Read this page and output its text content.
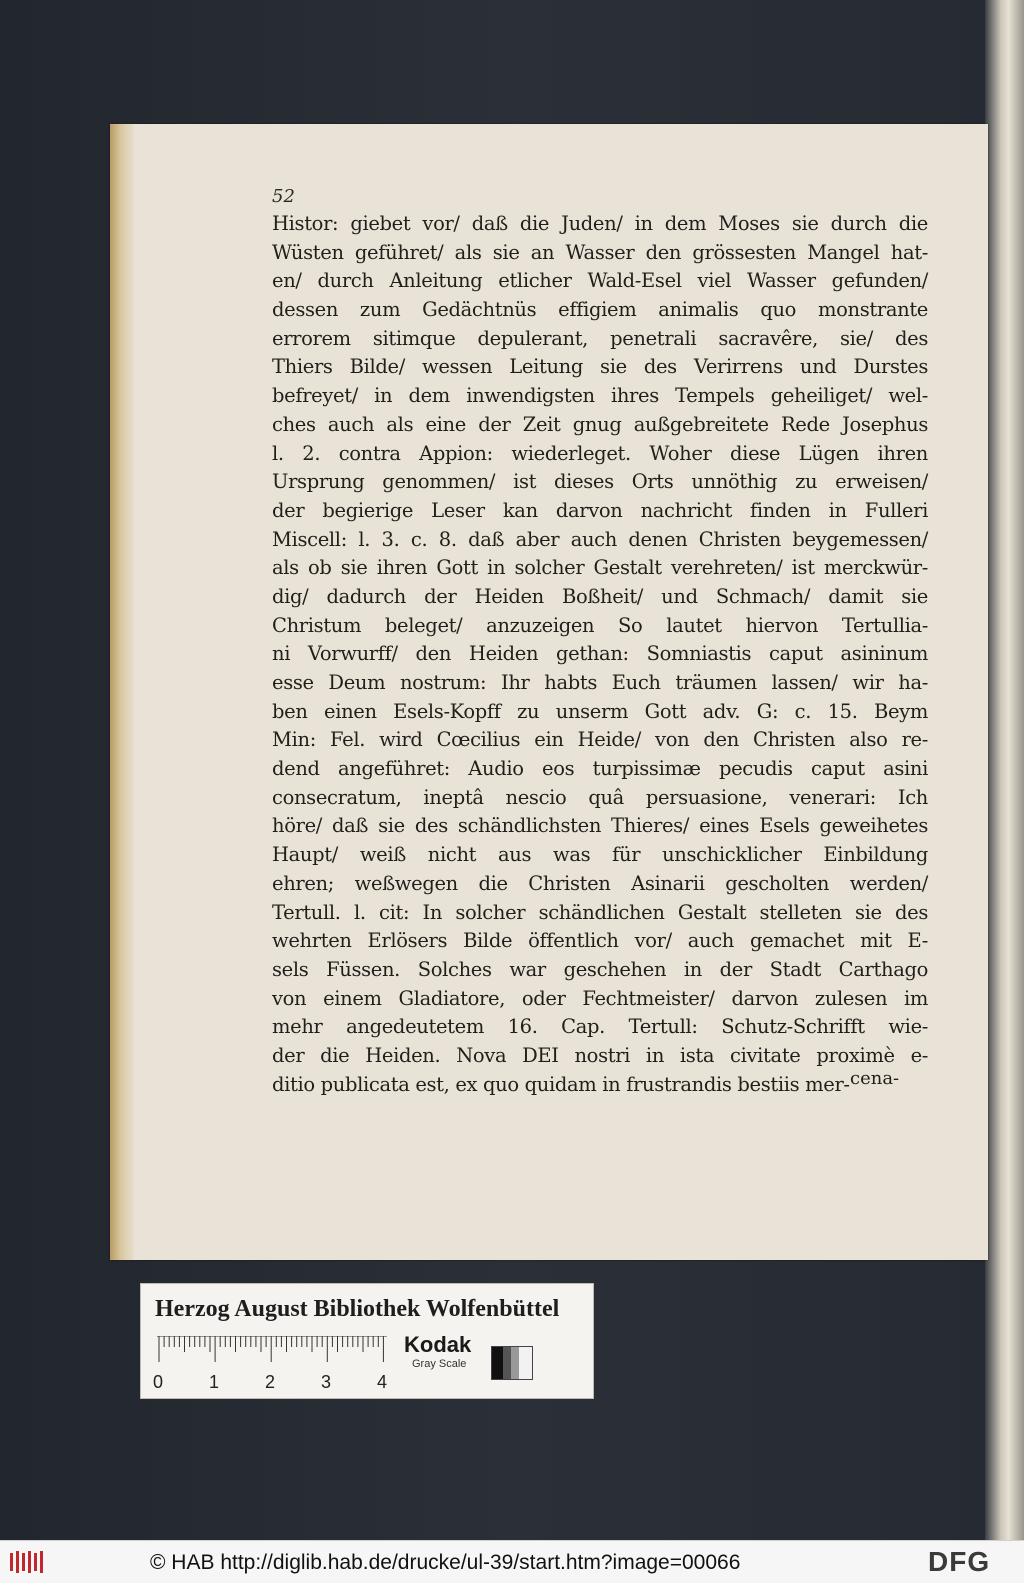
52
Histor: giebet vor/ daß die Juden/ in dem Moses sie durch die
Wüsten geführet/ als sie an Wasser den grössesten Mangel hat-
en/ durch Anleitung etlicher Wald-Esel viel Wasser gefunden/
dessen zum Gedächtnüs effigiem animalis quo monstrante
errorem sitimque depulerant, penetrali sacravêre, sie/ des
Thiers Bilde/ wessen Leitung sie des Verirrens und Durstes
befreyet/ in dem inwendigsten ihres Tempels geheiliget/ wel-
ches auch als eine der Zeit gnug außgebreitete Rede Josephus
l. 2. contra Appion: wiederleget. Woher diese Lügen ihren
Ursprung genommen/ ist dieses Orts unnöthig zu erweisen/
der begierige Leser kan darvon nachricht finden in Fulleri
Miscell: l. 3. c. 8. daß aber auch denen Christen beygemessen/
als ob sie ihren Gott in solcher Gestalt verehreten/ ist merckwür-
dig/ dadurch der Heiden Boßheit/ und Schmach/ damit sie
Christum beleget/ anzuzeigen So lautet hiervon Tertullia-
ni Vorwurff/ den Heiden gethan: Somniastis caput asininum
esse Deum nostrum: Ihr habts Euch träumen lassen/ wir ha-
ben einen Esels-Kopff zu unserm Gott adv. G: c. 15. Beym
Min: Fel. wird Cœcilius ein Heide/ von den Christen also re-
dend angeführet: Audio eos turpissimæ pecudis caput asini
consecratum, ineptâ nescio quâ persuasione, venerari: Ich
höre/ daß sie des schändlichsten Thieres/ eines Esels geweihetes
Haupt/ weiß nicht aus was für unschicklicher Einbildung
ehren; weßwegen die Christen Asinarii gescholten werden/
Tertull. l. cit: In solcher schändlichen Gestalt stelleten sie des
wehrten Erlösers Bilde öffentlich vor/ auch gemachet mit E-
sels Füssen. Solches war geschehen in der Stadt Carthago
von einem Gladiatore, oder Fechtmeister/ darvon zulesen im
mehr angedeutetem 16. Cap. Tertull: Schutz-Schrifft wie-
der die Heiden. Nova DEI nostri in ista civitate proximè e-
ditio publicata est, ex quo quidam in frustrandis bestiis mer- cena-
Herzog August Bibliothek Wolfenbüttel
0	1	2	3	4
Kodak
Gray Scale
© HAB http://diglib.hab.de/drucke/ul-39/start.htm?image=00066	DFG
